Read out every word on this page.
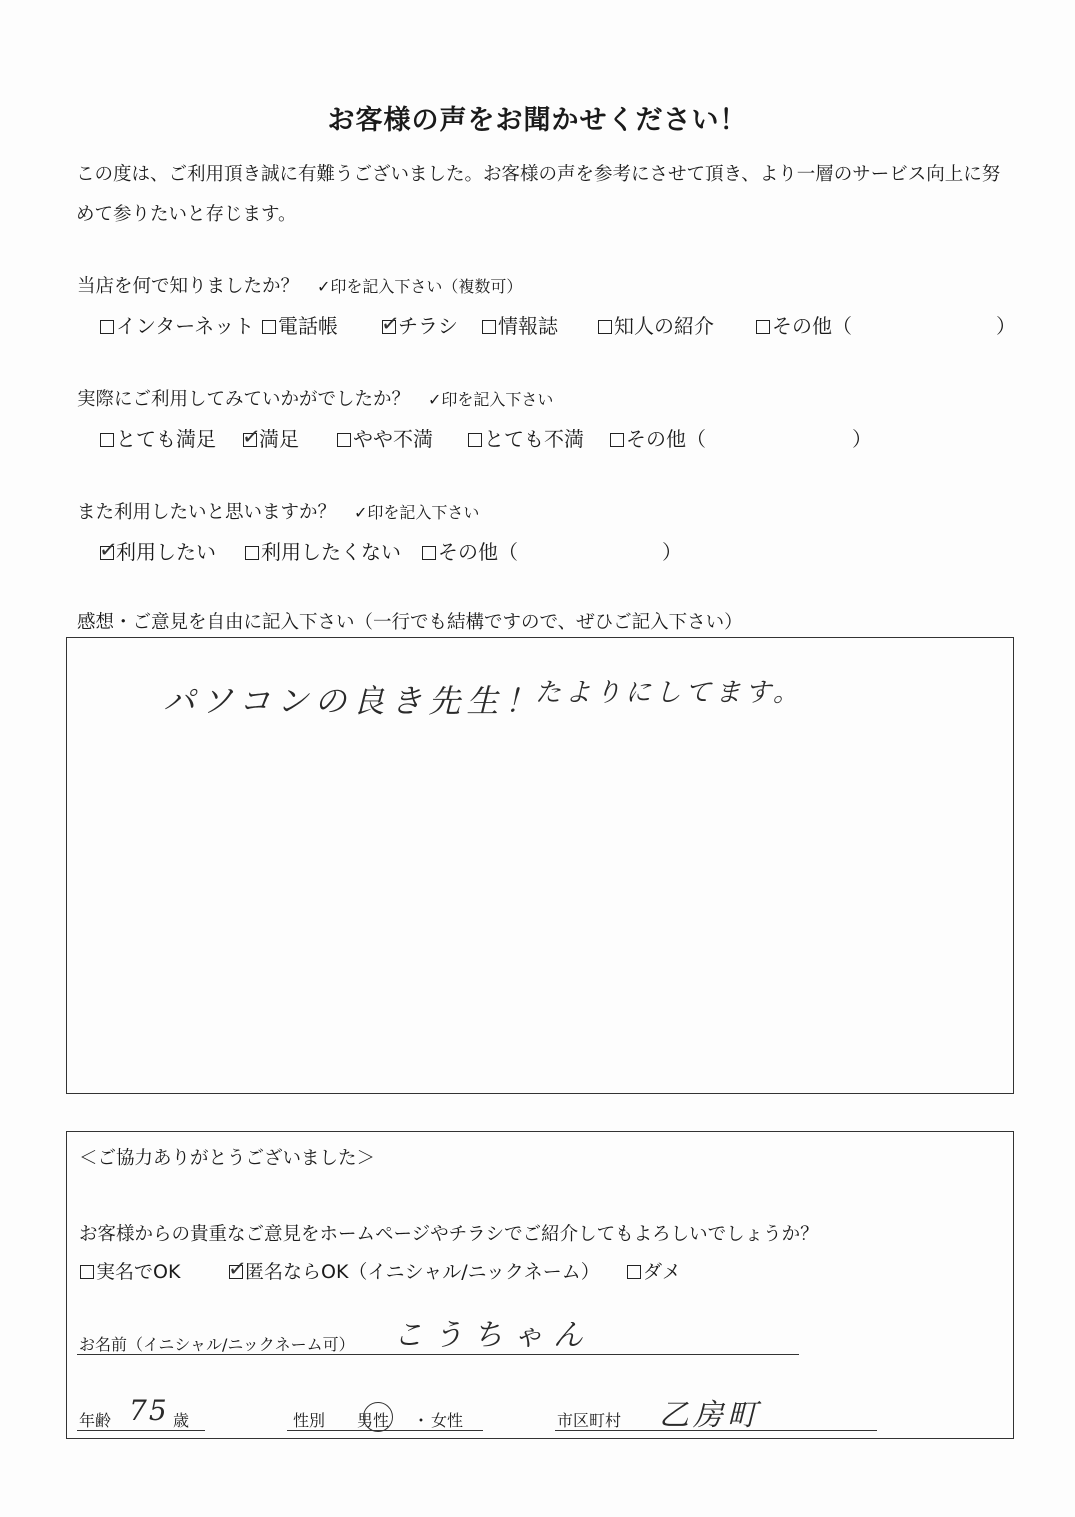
お客様の声をお聞かせください！
この度は、ご利用頂き誠に有難うございました。お客様の声を参考にさせて頂き、より一層のサービス向上に努
めて参りたいと存じます。
当店を何で知りましたか？ ✓印を記入下さい（複数可）
インターネット	電話帳 ✓
チラシ	情報誌	知人の紹介	その他（	）
実際にご利用してみていかがでしたか？ ✓印を記入下さい
とても満足 ✓
満足	やや不満	とても不満	その他（	）
また利用したいと思いますか？ ✓印を記入下さい
✓
利用したい	利用したくない	その他（	）
感想・ご意見を自由に記入下さい（一行でも結構ですので、ぜひご記入下さい）
パソコンの良き先生！
たよりにしてます。
＜ご協力ありがとうございました＞
お客様からの貴重なご意見をホームページやチラシでご紹介してもよろしいでしょうか？
実名でOK ✓
匿名ならOK（イニシャル/ニックネーム）	ダメ
お名前（イニシャル/ニックネーム可） こうちゃん
年齢 75 歳	性別 男性 ・ 女性	市区町村 乙房町
